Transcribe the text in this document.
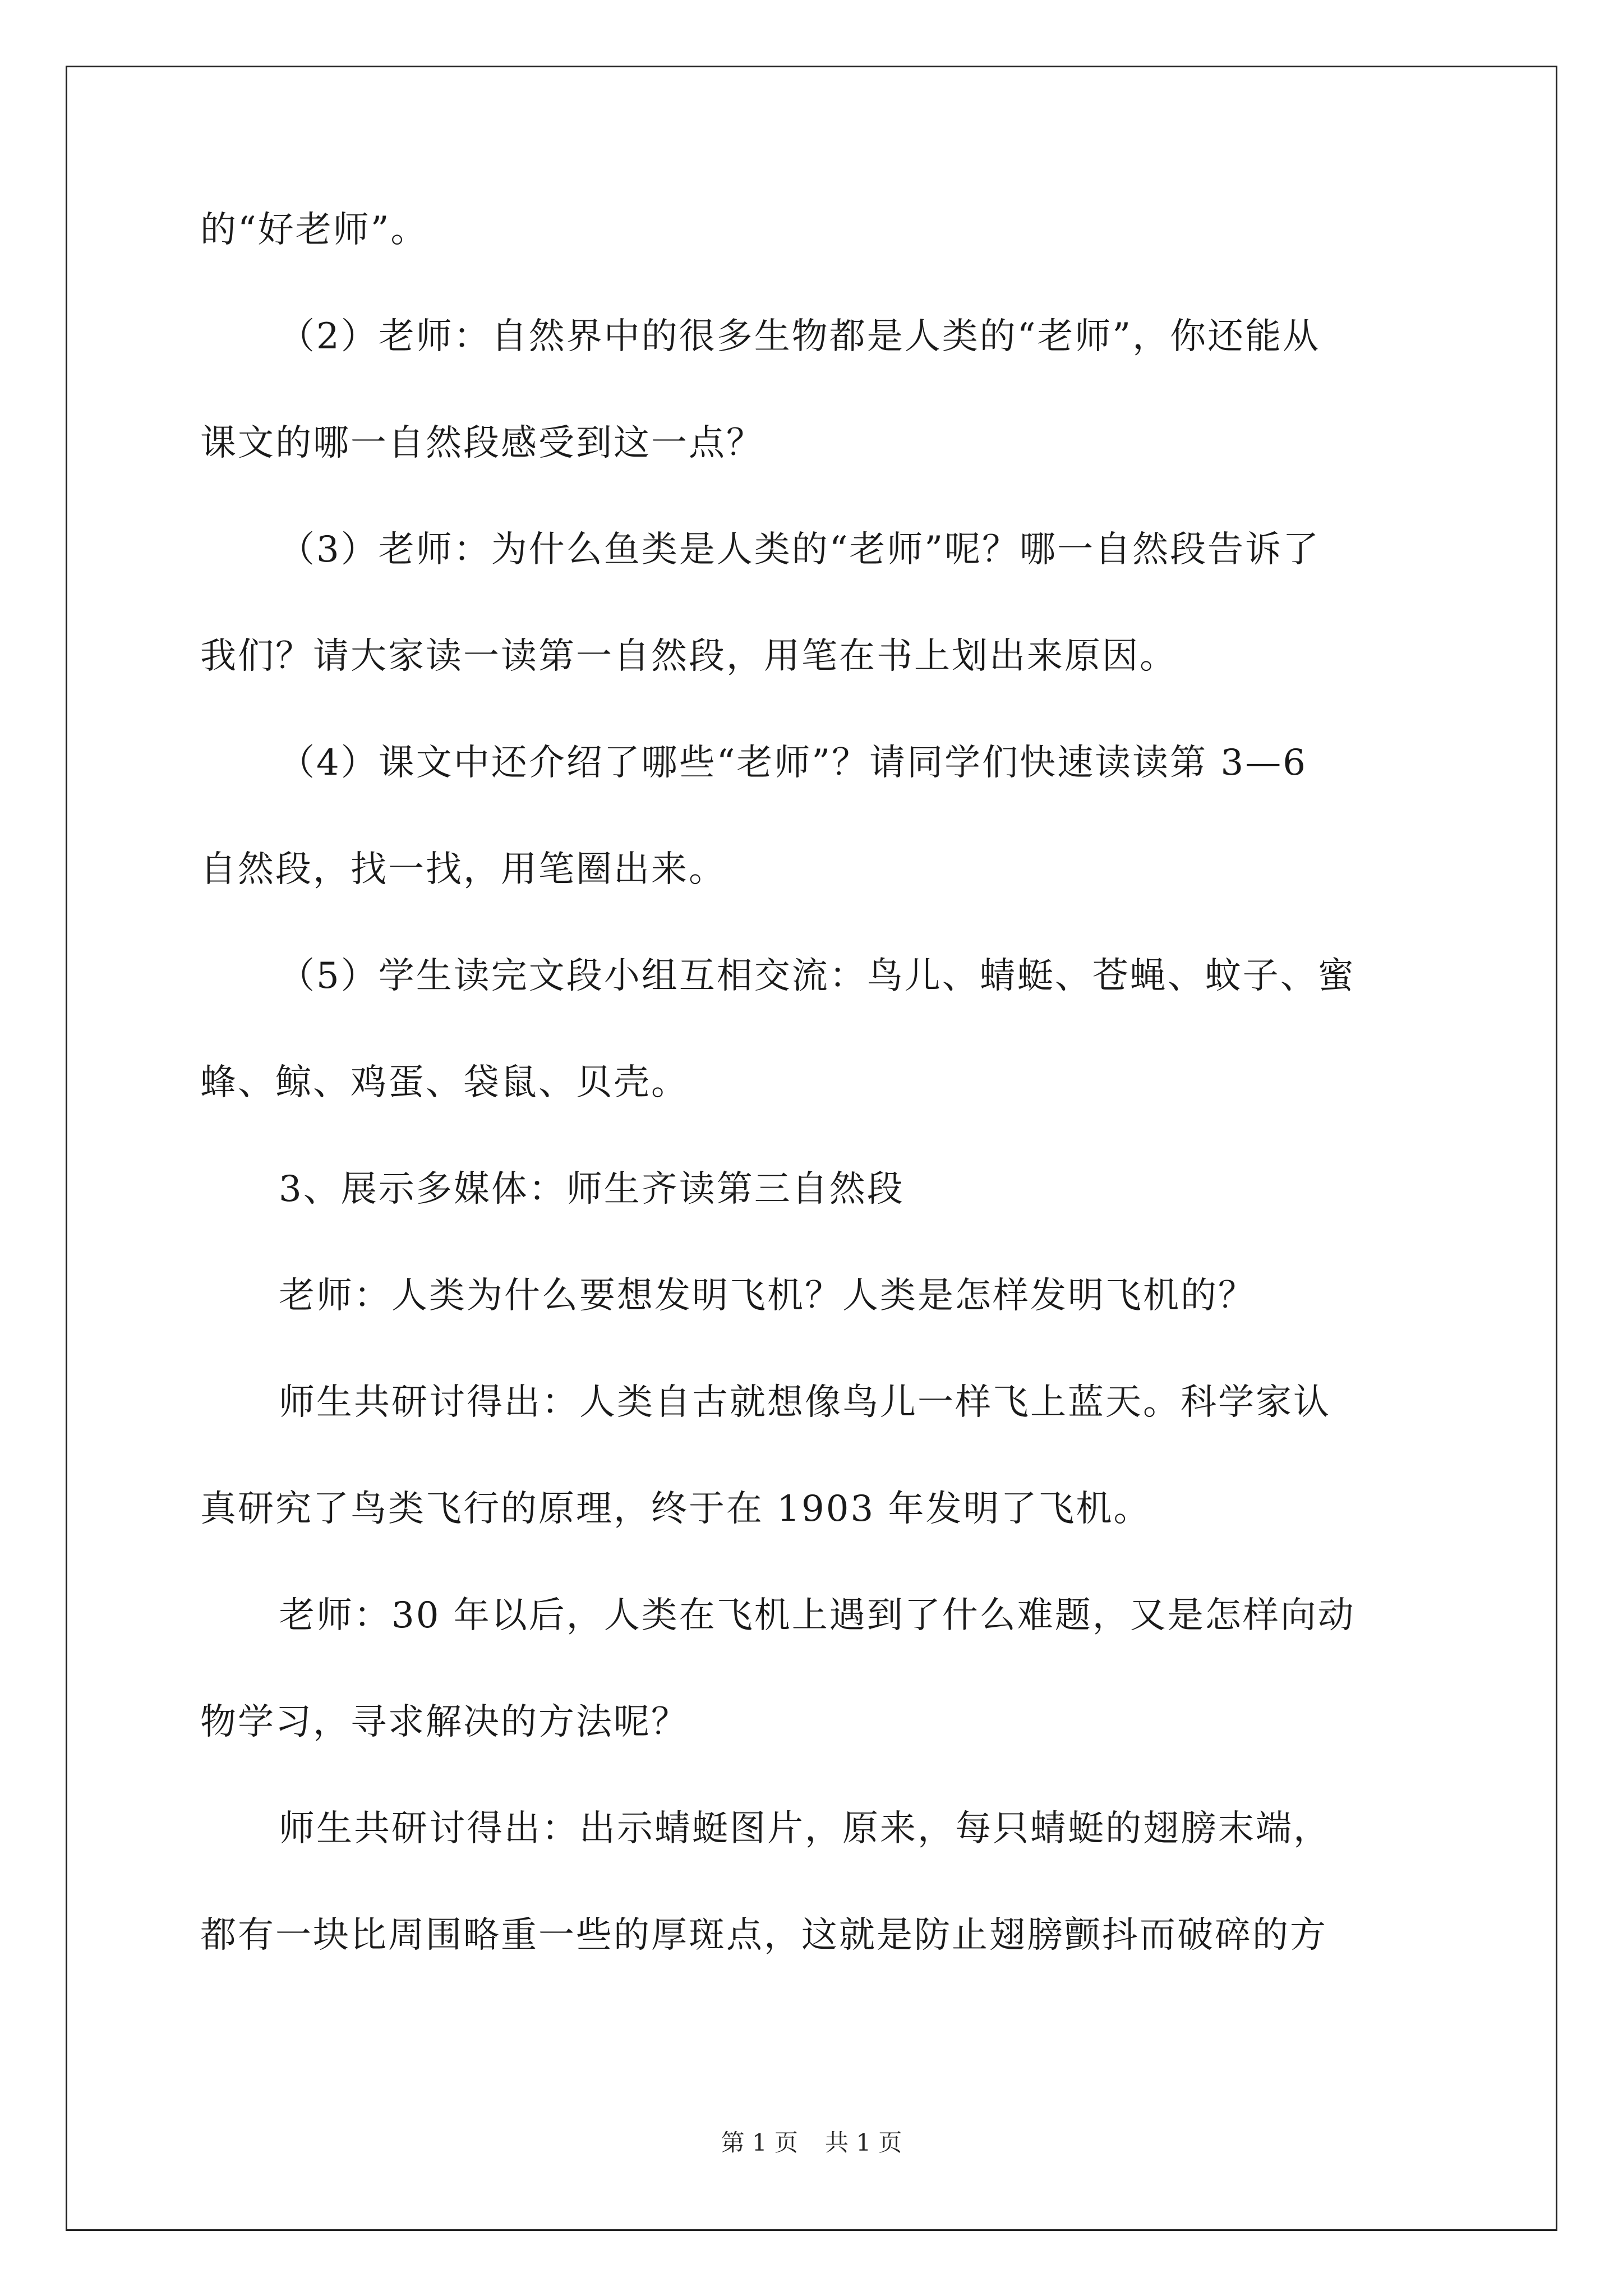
的“好老师”。
（2）老师：自然界中的很多生物都是人类的“老师”，你还能从
课文的哪一自然段感受到这一点？
（3）老师：为什么鱼类是人类的“老师”呢？哪一自然段告诉了
我们？请大家读一读第一自然段，用笔在书上划出来原因。
（4）课文中还介绍了哪些“老师”？请同学们快速读读第 3—6
自然段，找一找，用笔圈出来。
（5）学生读完文段小组互相交流：鸟儿、蜻蜓、苍蝇、蚊子、蜜
蜂、鲸、鸡蛋、袋鼠、贝壳。
3、展示多媒体：师生齐读第三自然段
老师：人类为什么要想发明飞机？人类是怎样发明飞机的？
师生共研讨得出：人类自古就想像鸟儿一样飞上蓝天。科学家认
真研究了鸟类飞行的原理，终于在 1903 年发明了飞机。
老师：30 年以后，人类在飞机上遇到了什么难题，又是怎样向动
物学习，寻求解决的方法呢？
师生共研讨得出：出示蜻蜓图片，原来，每只蜻蜓的翅膀末端，
都有一块比周围略重一些的厚斑点，这就是防止翅膀颤抖而破碎的方
第 1 页 共 1 页
